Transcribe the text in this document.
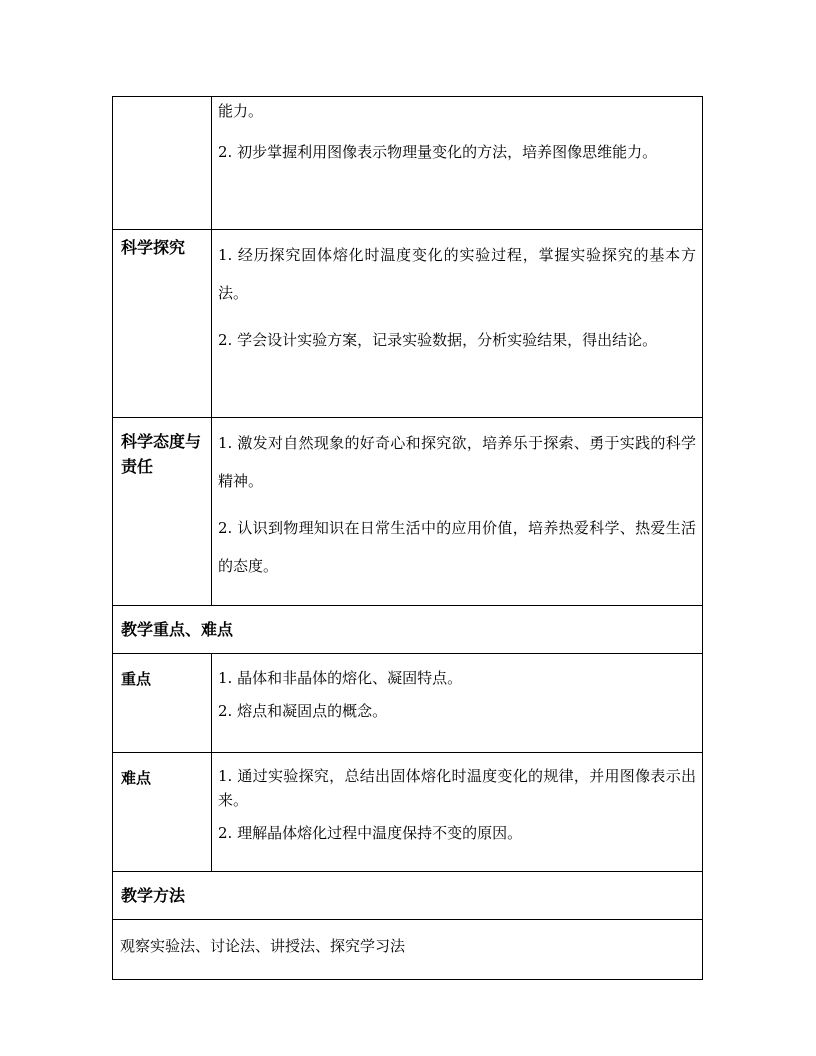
	能力。

2. 初步掌握利用图像表示物理量变化的方法，培养图像思维能力。

科学探究	1. 经历探究固体熔化时温度变化的实验过程，掌握实验探究的基本方法。

2. 学会设计实验方案，记录实验数据，分析实验结果，得出结论。

科学态度与责任	1. 激发对自然现象的好奇心和探究欲，培养乐于探索、勇于实践的科学精神。

2. 认识到物理知识在日常生活中的应用价值，培养热爱科学、热爱生活的态度。

教学重点、难点	
重点	1. 晶体和非晶体的熔化、凝固特点。

2. 熔点和凝固点的概念。

难点	1. 通过实验探究，总结出固体熔化时温度变化的规律，并用图像表示出来。

2. 理解晶体熔化过程中温度保持不变的原因。

教学方法	
观察实验法、讨论法、讲授法、探究学习法	
